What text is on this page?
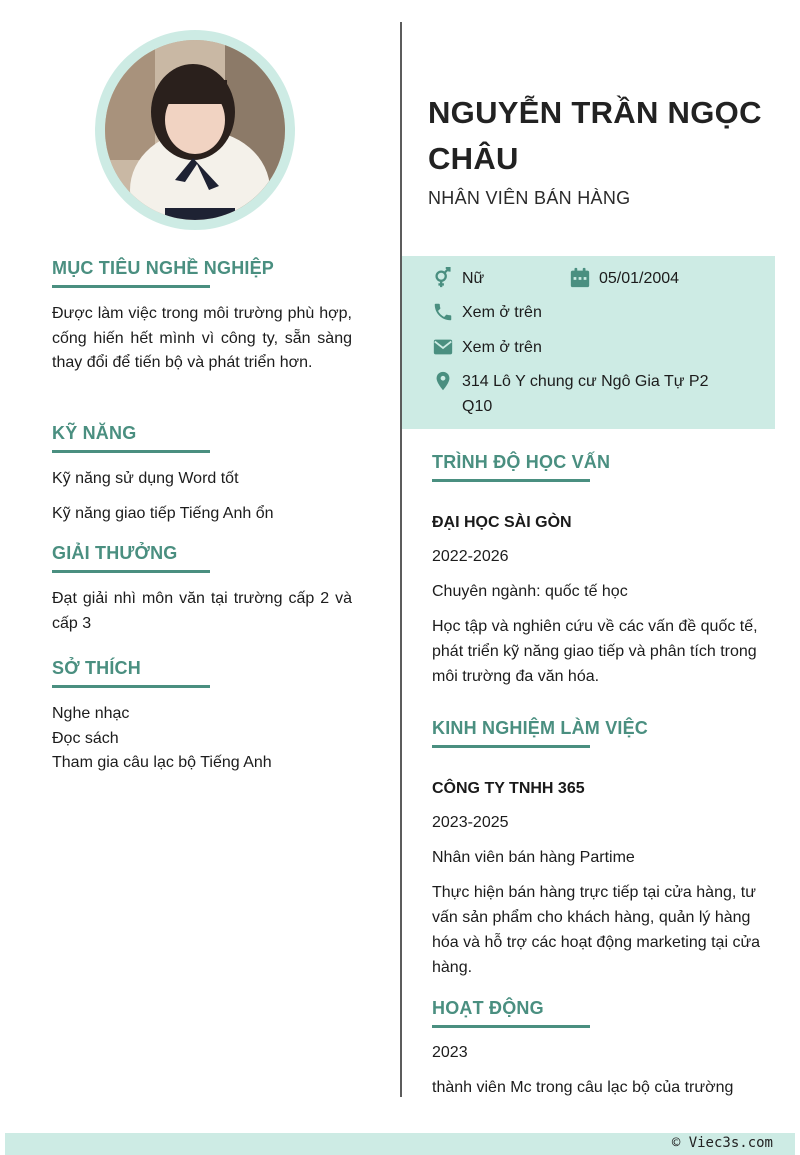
MỤC TIÊU NGHỀ NGHIỆP
Được làm việc trong môi trường phù hợp, cống hiến hết mình vì công ty, sẵn sàng thay đổi để tiến bộ và phát triển hơn.
KỸ NĂNG
Kỹ năng sử dụng Word tốt
Kỹ năng giao tiếp Tiếng Anh ổn
GIẢI THƯỞNG
Đạt giải nhì môn văn tại trường cấp 2 và cấp 3
SỞ THÍCH
Nghe nhạc
Đọc sách
Tham gia câu lạc bộ Tiếng Anh
NGUYỄN TRẦN NGỌC CHÂU
NHÂN VIÊN BÁN HÀNG
Nữ	05/01/2004
Xem ở trên
Xem ở trên
314 Lô Y chung cư Ngô Gia Tự P2 Q10
TRÌNH ĐỘ HỌC VẤN
ĐẠI HỌC SÀI GÒN
2022-2026
Chuyên ngành: quốc tế học
Học tập và nghiên cứu về các vấn đề quốc tế, phát triển kỹ năng giao tiếp và phân tích trong môi trường đa văn hóa.
KINH NGHIỆM LÀM VIỆC
CÔNG TY TNHH 365
2023-2025
Nhân viên bán hàng Partime
Thực hiện bán hàng trực tiếp tại cửa hàng, tư vấn sản phẩm cho khách hàng, quản lý hàng hóa và hỗ trợ các hoạt động marketing tại cửa hàng.
HOẠT ĐỘNG
2023
thành viên Mc trong câu lạc bộ của trường
© Viec3s.com
